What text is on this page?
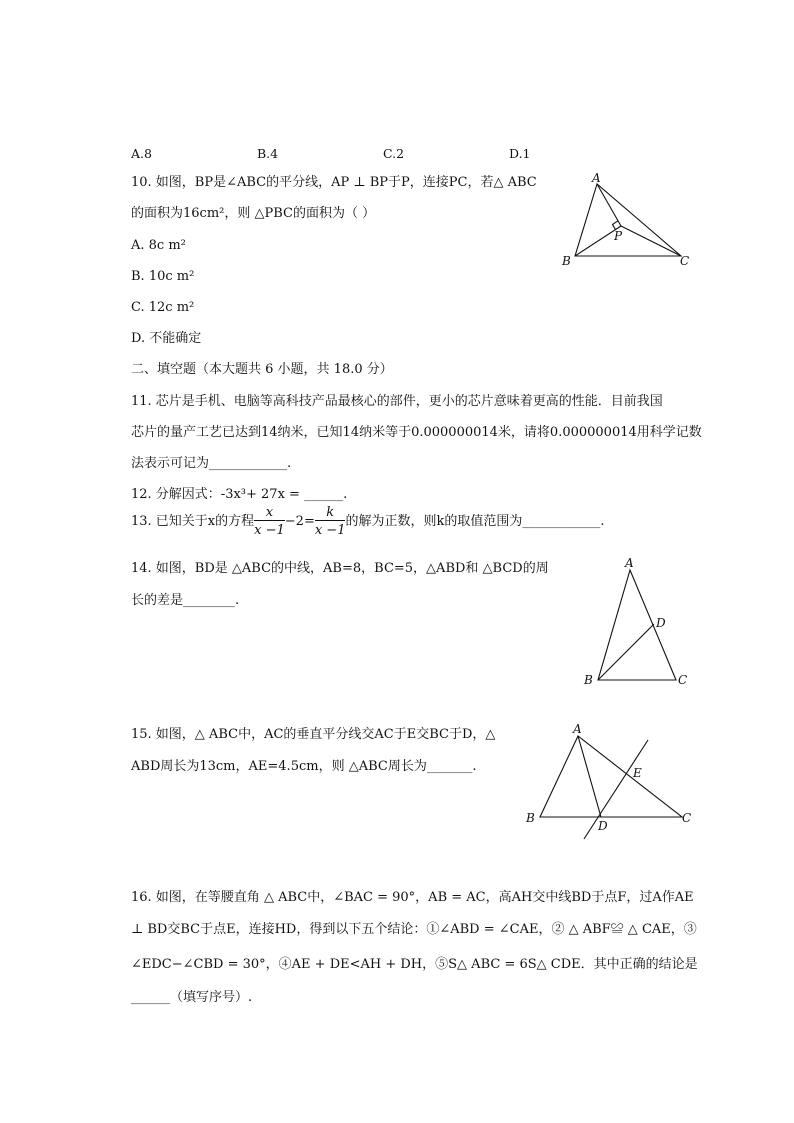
A.8	B.4	C.2	D.1
10. 如图，BP是∠ABC的平分线，AP ⊥ BP于P，连接PC，若△ ABC
的面积为16cm²，则 △PBC的面积为（ ）
A. 8c m²
B. 10c m²
C. 12c m²
D. 不能确定
A
B	C
P
二、填空题（本大题共 6 小题，共 18.0 分）
11. 芯片是手机、电脑等高科技产品最核心的部件，更小的芯片意味着更高的性能．目前我国
芯片的量产工艺已达到14纳米，已知14纳米等于0.000000014米，请将0.000000014用科学记数
法表示可记为____________.
12. 分解因式：-3x³+ 27x = ______.
13. 已知关于x的方程 $\frac{x}{x -1} -2= \frac{k}{x -1}$ 的解为正数，则k的取值范围为____________.
14. 如图，BD是 △ABC的中线，AB=8，BC=5，△ABD和 △BCD的周
长的差是________.
A
B	C
D
15. 如图，△ ABC中，AC的垂直平分线交AC于E交BC于D，△
ABD周长为13cm，AE=4.5cm，则 △ABC周长为_______.
A
B	C
D
E
16. 如图，在等腰直角 △ ABC中，∠BAC = 90°，AB = AC，高AH交中线BD于点F，过A作AE
⊥ BD交BC于点E，连接HD，得到以下五个结论：①∠ABD = ∠CAE，② △ ABF≌ △ CAE，③
∠EDC−∠CBD = 30°，④AE + DE<AH + DH，⑤S△ ABC = 6S△ CDE．其中正确的结论是
______（填写序号）.
